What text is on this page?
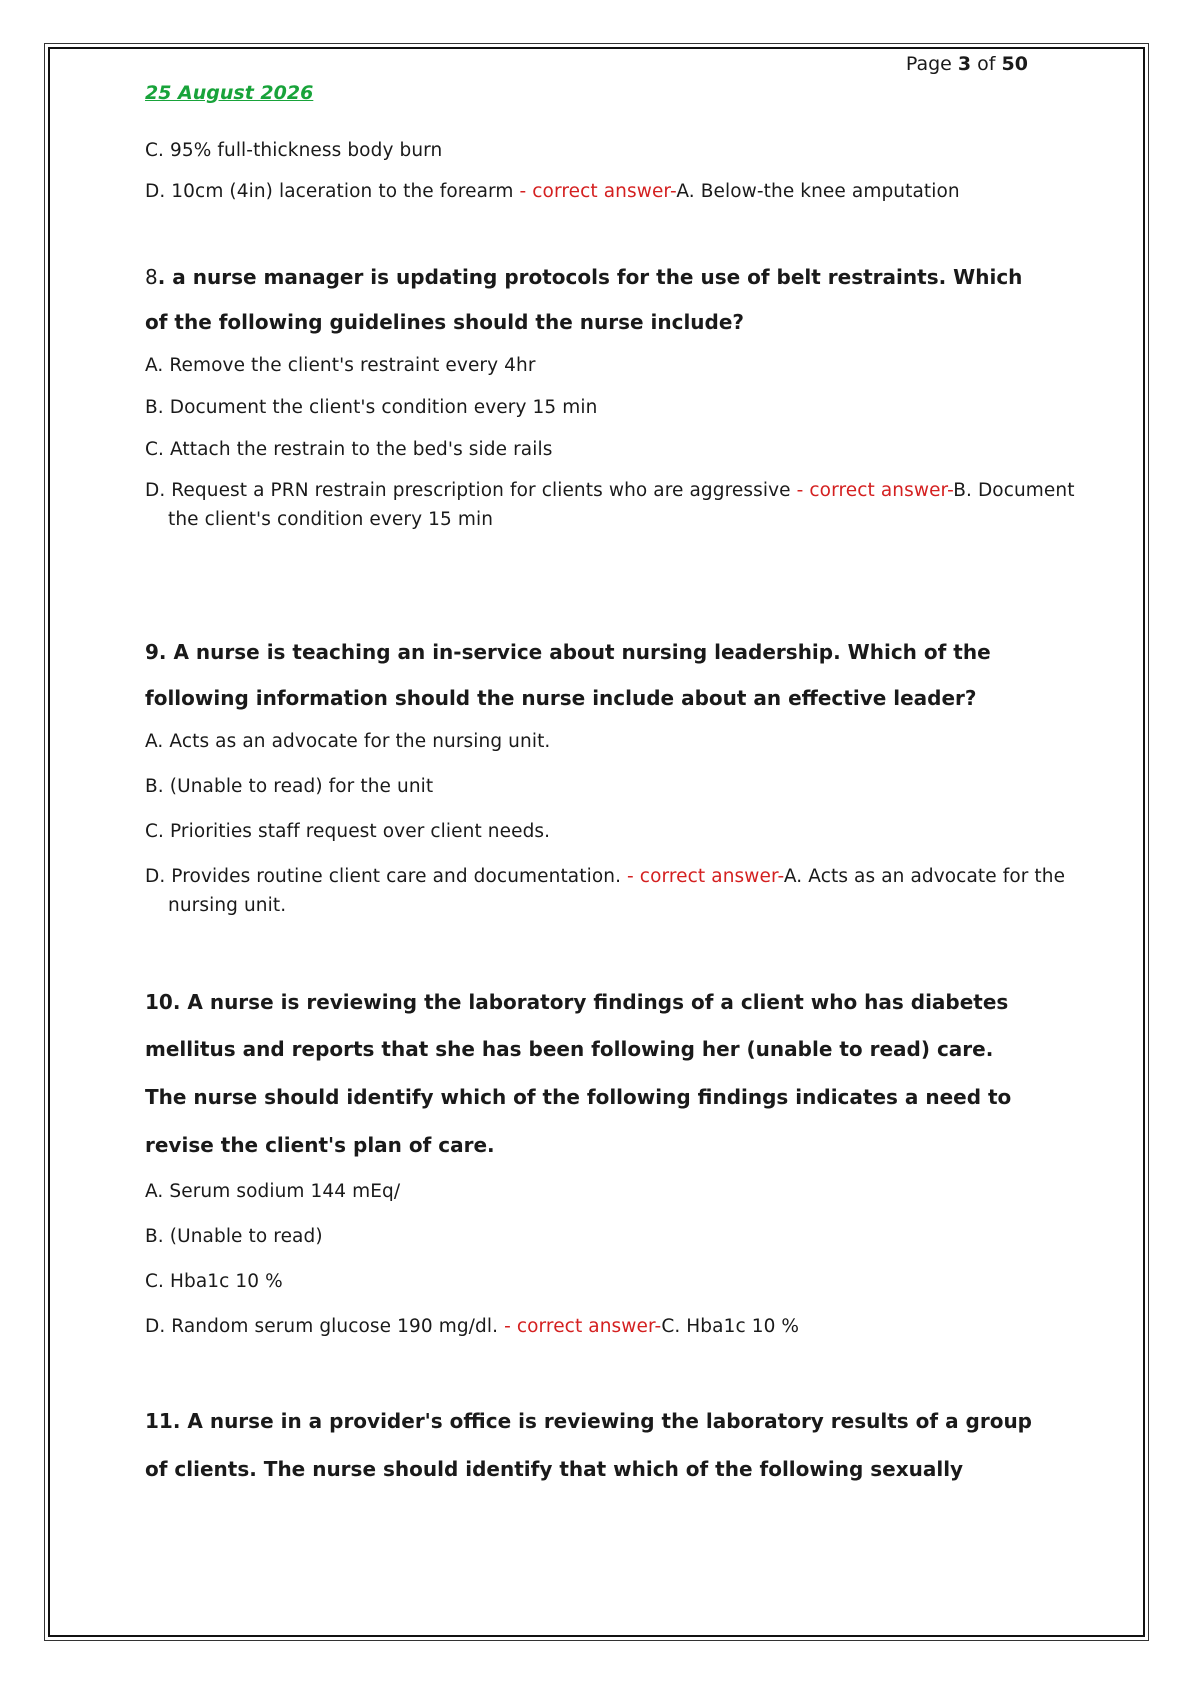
Page 3 of 50
25 August 2026
C. 95% full-thickness body burn
D. 10cm (4in) laceration to the forearm - correct answer-A. Below-the knee amputation
8. a nurse manager is updating protocols for the use of belt restraints. Which
of the following guidelines should the nurse include?
A. Remove the client's restraint every 4hr
B. Document the client's condition every 15 min
C. Attach the restrain to the bed's side rails
D. Request a PRN restrain prescription for clients who are aggressive - correct answer-B. Document
the client's condition every 15 min
9. A nurse is teaching an in-service about nursing leadership. Which of the
following information should the nurse include about an effective leader?
A. Acts as an advocate for the nursing unit.
B. (Unable to read) for the unit
C. Priorities staff request over client needs.
D. Provides routine client care and documentation. - correct answer-A. Acts as an advocate for the
nursing unit.
10. A nurse is reviewing the laboratory findings of a client who has diabetes
mellitus and reports that she has been following her (unable to read) care.
The nurse should identify which of the following findings indicates a need to
revise the client's plan of care.
A. Serum sodium 144 mEq/
B. (Unable to read)
C. Hba1c 10 %
D. Random serum glucose 190 mg/dl. - correct answer-C. Hba1c 10 %
11. A nurse in a provider's office is reviewing the laboratory results of a group
of clients. The nurse should identify that which of the following sexually
